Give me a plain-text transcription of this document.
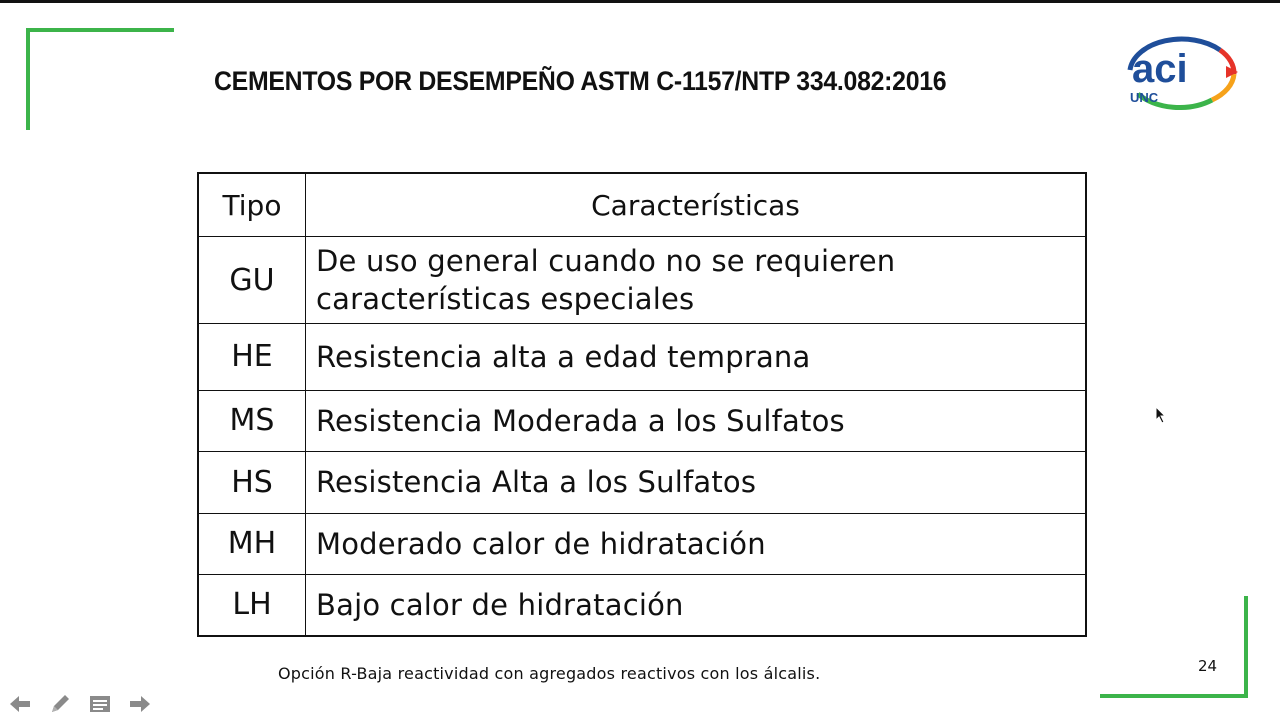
CEMENTOS POR DESEMPEÑO ASTM C-1157/NTP 334.082:2016	aci
UNC
Tipo	Características
GU	De uso general cuando no se requieren
características especiales

HE	Resistencia alta a edad temprana
MS	Resistencia Moderada a los Sulfatos
HS	Resistencia Alta a los Sulfatos
MH	Moderado calor de hidratación
LH	Bajo calor de hidratación
Opción R-Baja reactividad con agregados reactivos con los álcalis.	24
